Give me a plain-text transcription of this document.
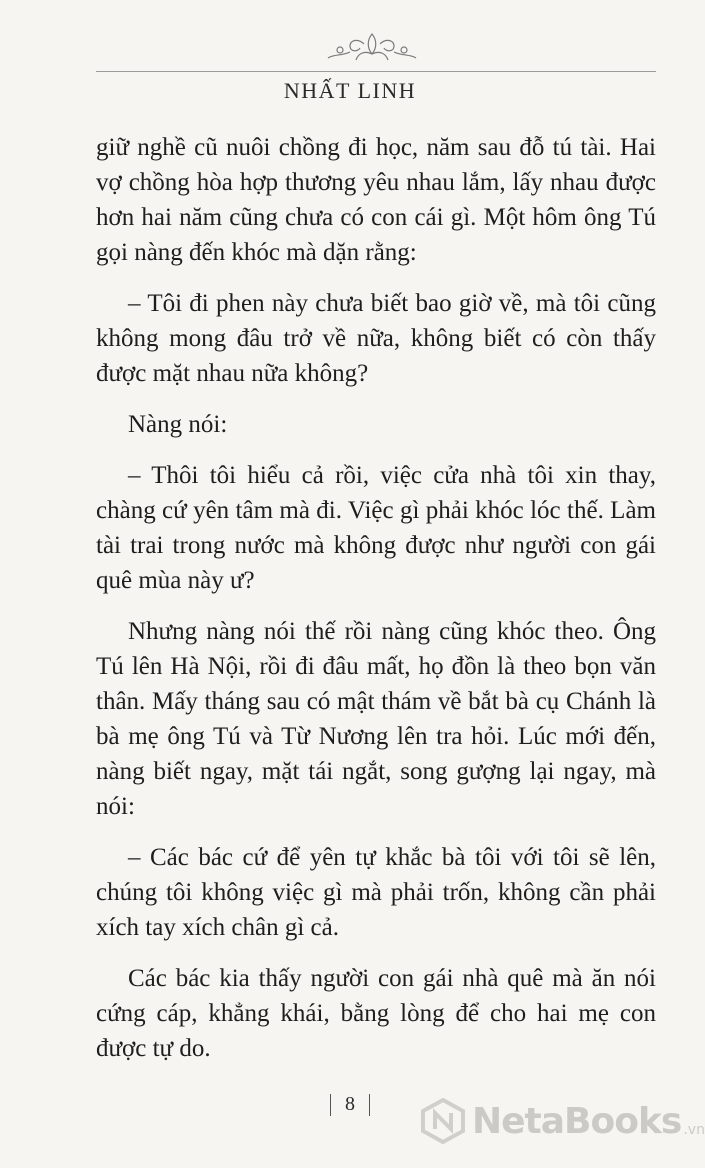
NHẤT LINH

giữ nghề cũ nuôi chồng đi học, năm sau đỗ tú tài. Hai vợ chồng hòa hợp thương yêu nhau lắm, lấy nhau được hơn hai năm cũng chưa có con cái gì. Một hôm ông Tú gọi nàng đến khóc mà dặn rằng:

– Tôi đi phen này chưa biết bao giờ về, mà tôi cũng không mong đâu trở về nữa, không biết có còn thấy được mặt nhau nữa không?

Nàng nói:

– Thôi tôi hiểu cả rồi, việc cửa nhà tôi xin thay, chàng cứ yên tâm mà đi. Việc gì phải khóc lóc thế. Làm tài trai trong nước mà không được như người con gái quê mùa này ư?

Nhưng nàng nói thế rồi nàng cũng khóc theo. Ông Tú lên Hà Nội, rồi đi đâu mất, họ đồn là theo bọn văn thân. Mấy tháng sau có mật thám về bắt bà cụ Chánh là bà mẹ ông Tú và Từ Nương lên tra hỏi. Lúc mới đến, nàng biết ngay, mặt tái ngắt, song gượng lại ngay, mà nói:

– Các bác cứ để yên tự khắc bà tôi với tôi sẽ lên, chúng tôi không việc gì mà phải trốn, không cần phải xích tay xích chân gì cả.

Các bác kia thấy người con gái nhà quê mà ăn nói cứng cáp, khẳng khái, bằng lòng để cho hai mẹ con được tự do.

8	NetaBooks .vn
